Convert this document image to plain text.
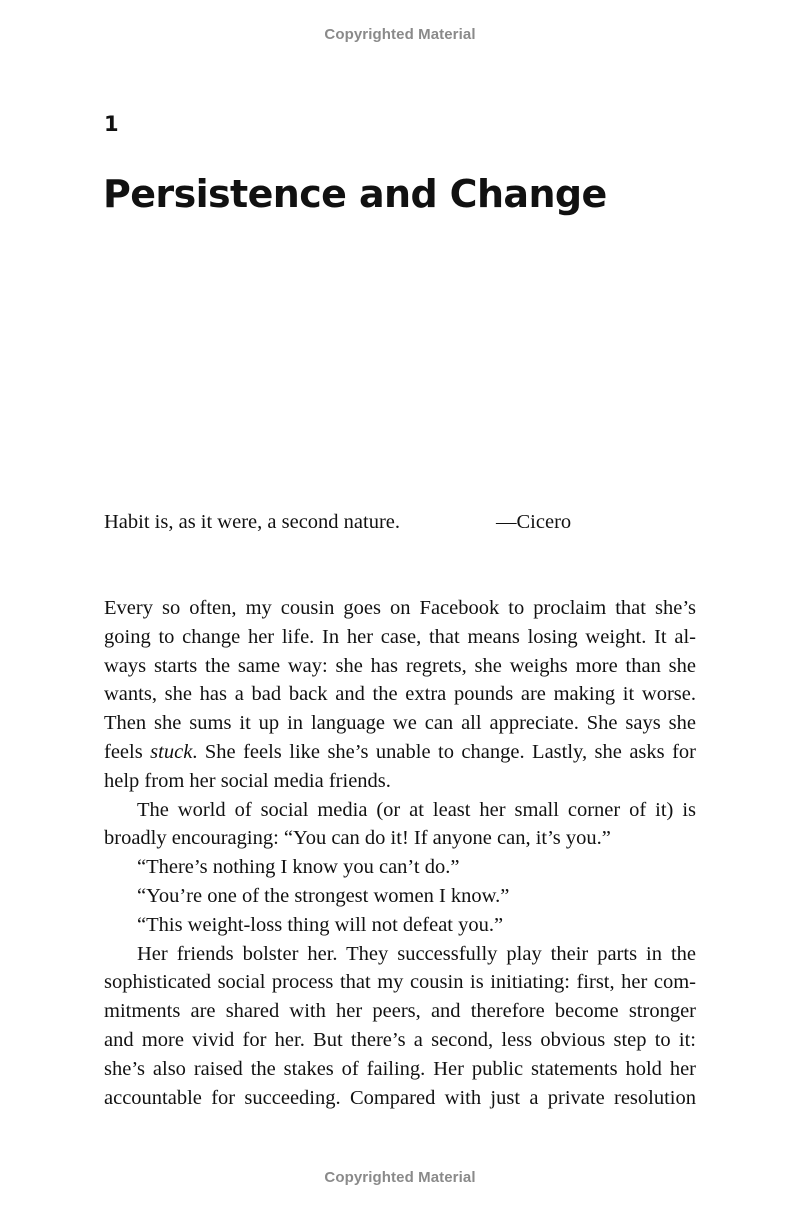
Copyrighted Material
1
Persistence and Change
Habit is, as it were, a second nature.	—Cicero
Every so often, my cousin goes on Facebook to proclaim that she’s
going to change her life. In her case, that means losing weight. It al-
ways starts the same way: she has regrets, she weighs more than she
wants, she has a bad back and the extra pounds are making it worse.
Then she sums it up in language we can all appreciate. She says she
feels stuck. She feels like she’s unable to change. Lastly, she asks for
help from her social media friends.
The world of social media (or at least her small corner of it) is
broadly encouraging: “You can do it! If anyone can, it’s you.”
“There’s nothing I know you can’t do.”
“You’re one of the strongest women I know.”
“This weight-loss thing will not defeat you.”
Her friends bolster her. They successfully play their parts in the
sophisticated social process that my cousin is initiating: first, her com-
mitments are shared with her peers, and therefore become stronger
and more vivid for her. But there’s a second, less obvious step to it:
she’s also raised the stakes of failing. Her public statements hold her
accountable for succeeding. Compared with just a private resolution
Copyrighted Material
